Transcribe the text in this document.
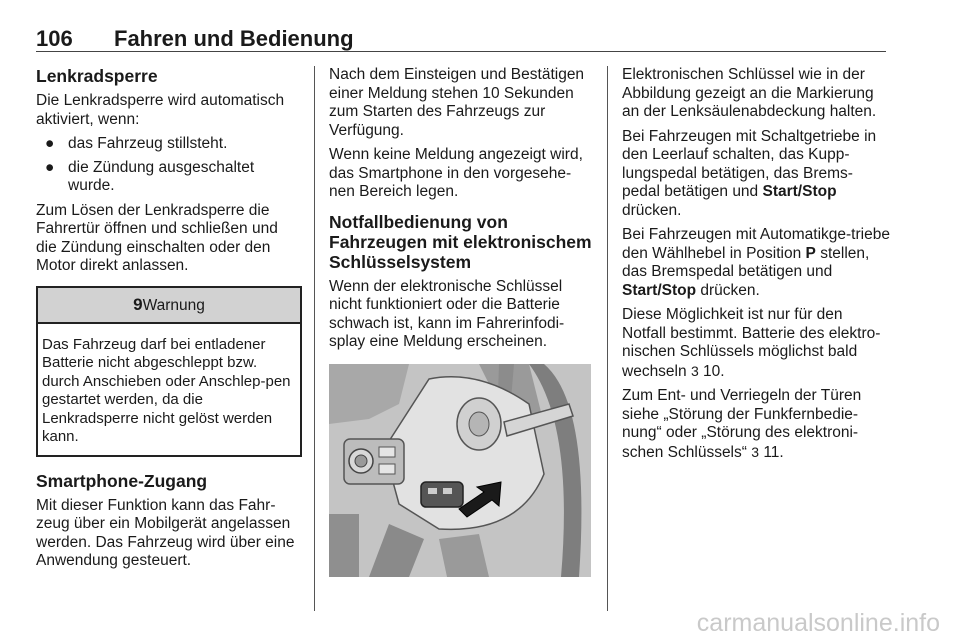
106 Fahren und Bedienung
Lenkradsperre

Die Lenkradsperre wird automatisch aktiviert, wenn:

● das Fahrzeug stillsteht.
● die Zündung ausgeschaltet wurde.

Zum Lösen der Lenkradsperre die Fahrertür öffnen und schließen und die Zündung einschalten oder den Motor direkt anlassen.

9Warnung
Das Fahrzeug darf bei entladener Batterie nicht abgeschleppt bzw. durch Anschieben oder Anschlep-pen gestartet werden, da die Lenkradsperre nicht gelöst werden kann.
Smartphone-Zugang

Mit dieser Funktion kann das Fahr-zeug über ein Mobilgerät angelassen werden. Das Fahrzeug wird über eine Anwendung gesteuert.

Nach dem Einsteigen und Bestätigen einer Meldung stehen 10 Sekunden zum Starten des Fahrzeugs zur Verfügung.

Wenn keine Meldung angezeigt wird, das Smartphone in den vorgesehe-nen Bereich legen.

Notfallbedienung von Fahrzeugen mit elektronischem Schlüsselsystem

Wenn der elektronische Schlüssel nicht funktioniert oder die Batterie schwach ist, kann im Fahrerinfodi-splay eine Meldung erscheinen.

Elektronischen Schlüssel wie in der Abbildung gezeigt an die Markierung an der Lenksäulenabdeckung halten.

Bei Fahrzeugen mit Schaltgetriebe in den Leerlauf schalten, das Kupp-lungspedal betätigen, das Brems-pedal betätigen und Start/Stop drücken.

Bei Fahrzeugen mit Automatikge-triebe den Wählhebel in Position P stellen, das Bremspedal betätigen und Start/Stop drücken.

Diese Möglichkeit ist nur für den Notfall bestimmt. Batterie des elektro-nischen Schlüssels möglichst bald wechseln 3 10.

Zum Ent- und Verriegeln der Türen siehe „Störung der Funkfernbedie-nung“ oder „Störung des elektroni-schen Schlüssels“ 3 11.

carmanualsonline.info
